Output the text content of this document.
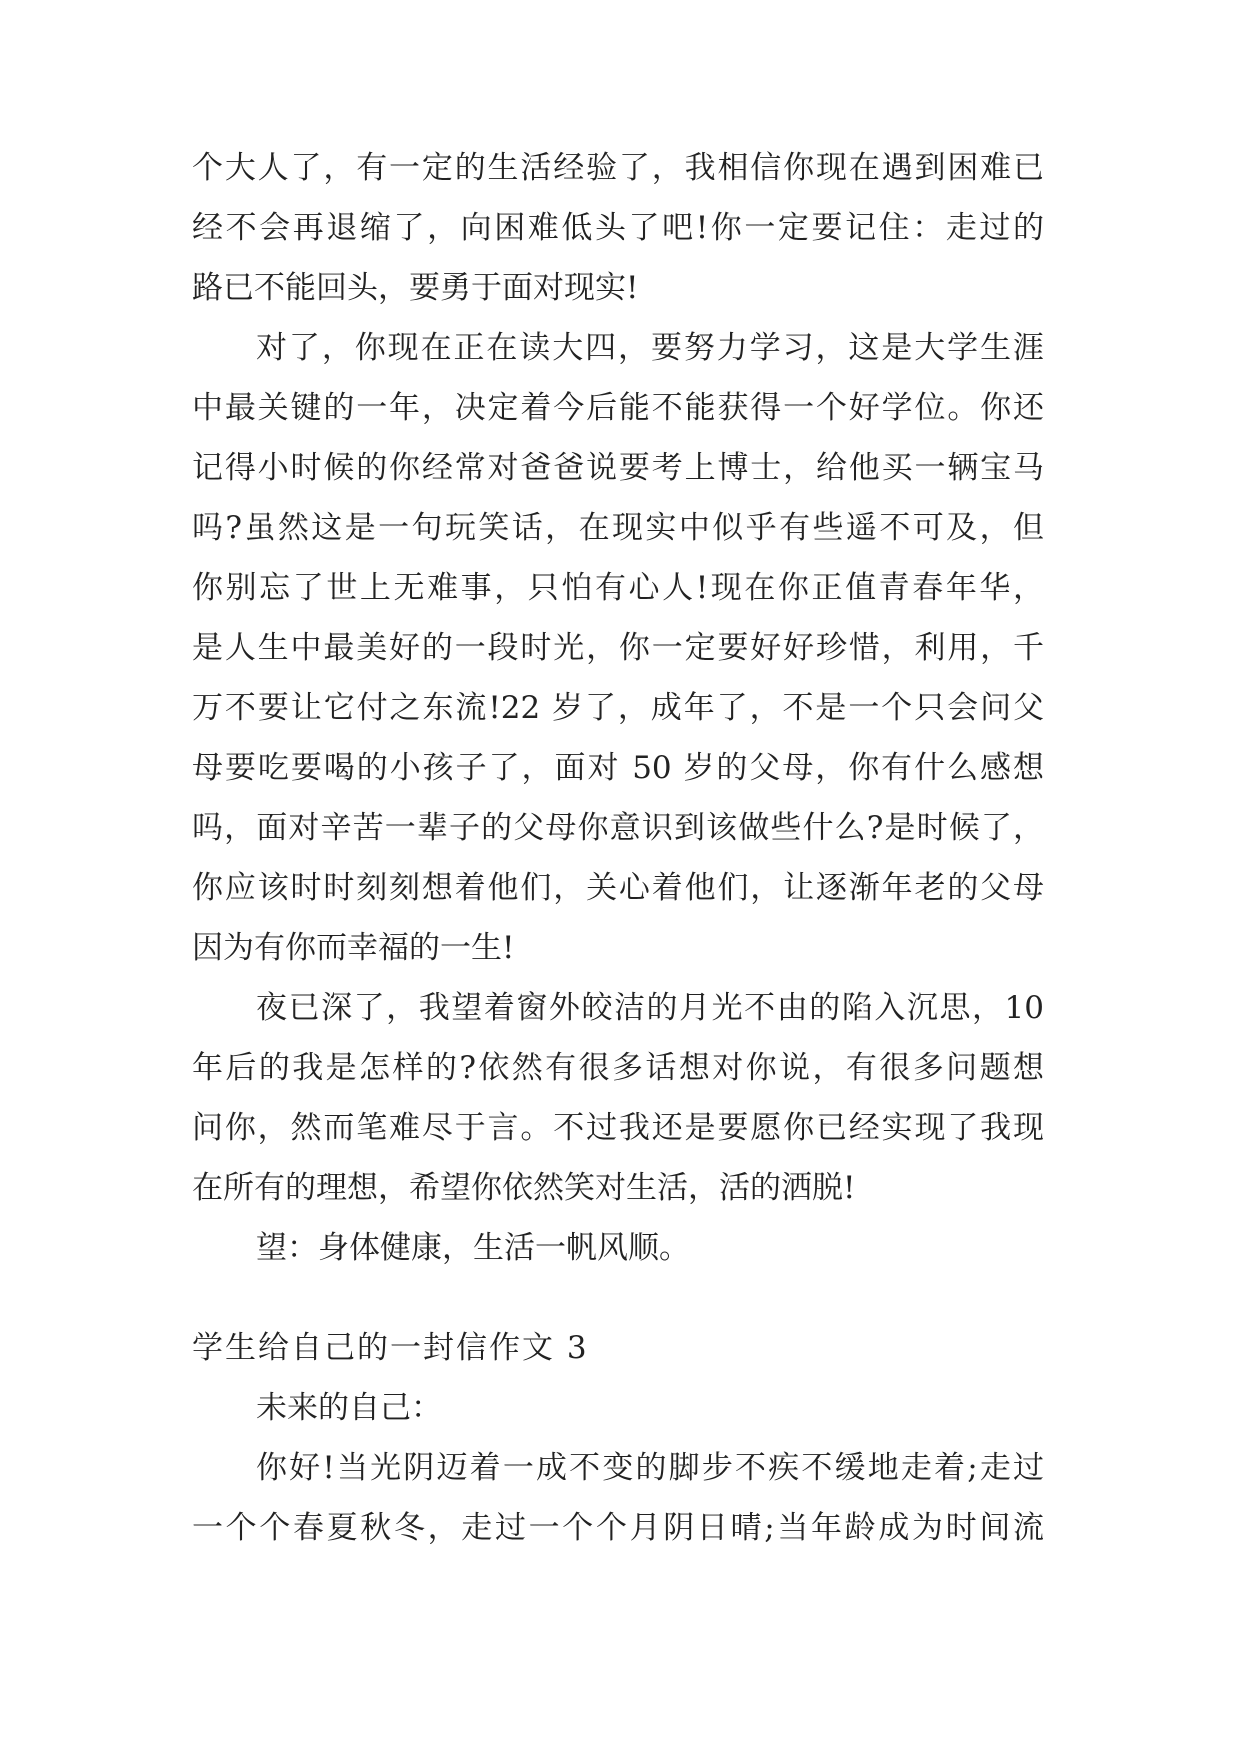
个大人了，有一定的生活经验了，我相信你现在遇到困难已
经不会再退缩了，向困难低头了吧!你一定要记住：走过的
路已不能回头，要勇于面对现实!
对了，你现在正在读大四，要努力学习，这是大学生涯
中最关键的一年，决定着今后能不能获得一个好学位。你还
记得小时候的你经常对爸爸说要考上博士，给他买一辆宝马
吗?虽然这是一句玩笑话，在现实中似乎有些遥不可及，但
你别忘了世上无难事，只怕有心人!现在你正值青春年华，
是人生中最美好的一段时光，你一定要好好珍惜，利用，千
万不要让它付之东流!22 岁了，成年了，不是一个只会问父
母要吃要喝的小孩子了，面对 50 岁的父母，你有什么感想
吗，面对辛苦一辈子的父母你意识到该做些什么?是时候了，
你应该时时刻刻想着他们，关心着他们，让逐渐年老的父母
因为有你而幸福的一生!
夜已深了，我望着窗外皎洁的月光不由的陷入沉思，10
年后的我是怎样的?依然有很多话想对你说，有很多问题想
问你，然而笔难尽于言。不过我还是要愿你已经实现了我现
在所有的理想，希望你依然笑对生活，活的洒脱!
望：身体健康，生活一帆风顺。
学生给自己的一封信作文 3
未来的自己：
你好!当光阴迈着一成不变的脚步不疾不缓地走着;走过
一个个春夏秋冬，走过一个个月阴日晴;当年龄成为时间流
